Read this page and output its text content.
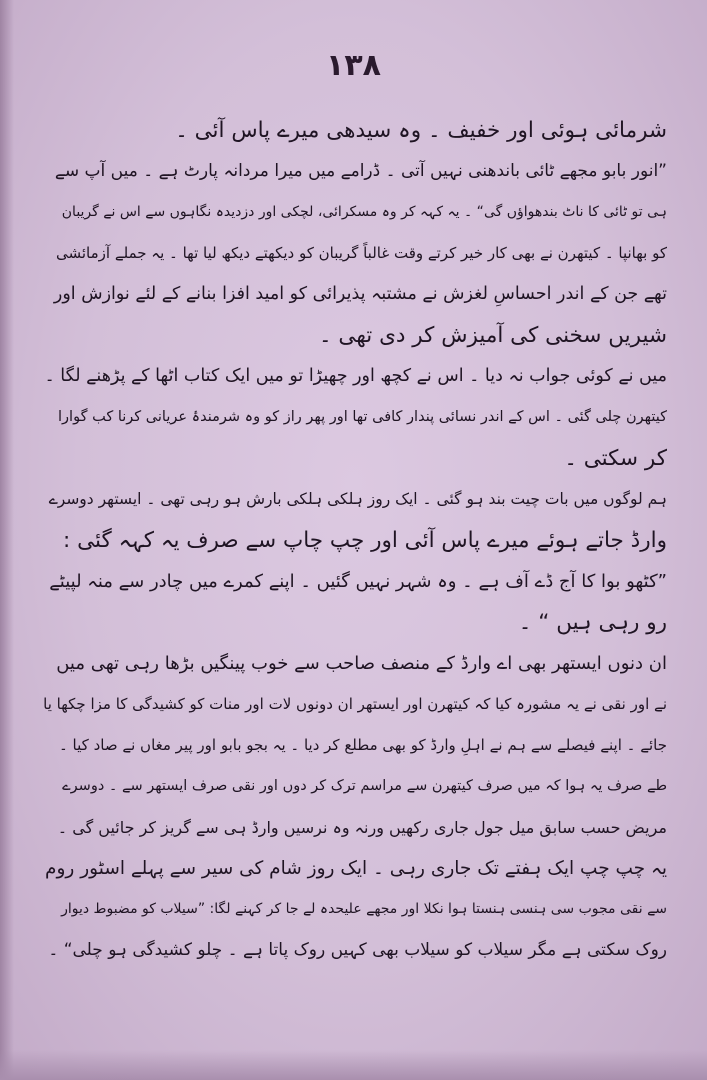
۱۳۸
شرمائی ہوئی اور خفیف ۔ وہ سیدھی میرے پاس آئی ۔
”انور بابو مجھے ٹائی باندھنی نہیں آتی ۔ ڈرامے میں میرا مردانہ پارٹ ہے ۔ میں آپ سے
ہی تو ٹائی کا ناٹ بندھواؤں گی“ ۔ یہ کہہ کر وہ مسکرائی، لچکی اور دزدیدہ نگاہوں سے اس نے گریبان
کو بھانپا ۔ کیتھرن نے بھی کار خیر کرتے وقت غالباً گریبان کو دیکھتے دیکھ لیا تھا ۔ یہ جملے آزمائشی
تھے جن کے اندر احساسِ لغزش نے مشتبہ پذیرائی کو امید افزا بنانے کے لئے نوازش اور
شیریں سخنی کی آمیزش کر دی تھی ۔
میں نے کوئی جواب نہ دیا ۔ اس نے کچھ اور چھیڑا تو میں ایک کتاب اٹھا کے پڑھنے لگا ۔
کیتھرن چلی گئی ۔ اس کے اندر نسائی پندار کافی تھا اور پھر راز کو وہ شرمندۂ عریانی کرنا کب گوارا
کر سکتی ۔
ہم لوگوں میں بات چیت بند ہو گئی ۔ ایک روز ہلکی ہلکی بارش ہو رہی تھی ۔ ایستھر دوسرے
وارڈ جاتے ہوئے میرے پاس آئی اور چپ چاپ سے صرف یہ کہہ گئی :
”کٹھو بوا کا آج ڈے آف ہے ۔ وہ شہر نہیں گئیں ۔ اپنے کمرے میں چادر سے منہ لپیٹے
رو رہی ہیں “ ۔
ان دنوں ایستھر بھی اے وارڈ کے منصف صاحب سے خوب پینگیں بڑھا رہی تھی میں
نے اور نقی نے یہ مشورہ کیا کہ کیتھرن اور ایستھر ان دونوں لات اور منات کو کشیدگی کا مزا چکھا یا
جائے ۔ اپنے فیصلے سے ہم نے اہلِ وارڈ کو بھی مطلع کر دیا ۔ یہ بجو بابو اور پیر مغاں نے صاد کیا ۔
طے صرف یہ ہوا کہ میں صرف کیتھرن سے مراسم ترک کر دوں اور نقی صرف ایستھر سے ۔ دوسرے
مریض حسب سابق میل جول جاری رکھیں ورنہ وہ نرسیں وارڈ ہی سے گریز کر جائیں گی ۔
یہ چپ چپ ایک ہفتے تک جاری رہی ۔ ایک روز شام کی سیر سے پہلے اسٹور روم
سے نقی مجوب سی ہنسی ہنستا ہوا نکلا اور مجھے علیحدہ لے جا کر کہنے لگا: ”سیلاب کو مضبوط دیوار
روک سکتی ہے مگر سیلاب کو سیلاب بھی کہیں روک پاتا ہے ۔ چلو کشیدگی ہو چلی“ ۔
